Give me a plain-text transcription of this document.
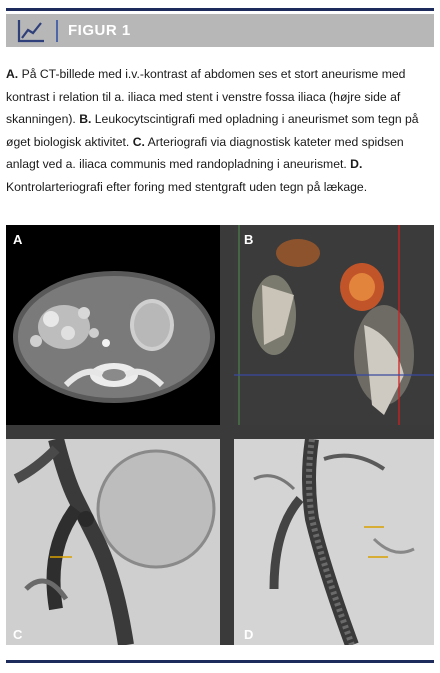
FIGUR 1

A. På CT-billede med i.v.-kontrast af abdomen ses et stort aneurisme med kontrast i relation til a. iliaca med stent i venstre fossa iliaca (højre side af skanningen). B. Leukocytscintigrafi med opladning i aneurismet som tegn på øget biologisk aktivitet. C. Arteriografi via diagnostisk kateter med spidsen anlagt ved a. iliaca communis med randopladning i aneurismet. D. Kontrolarteriografi efter foring med stentgraft uden tegn på lækage.

A	B
C	D
